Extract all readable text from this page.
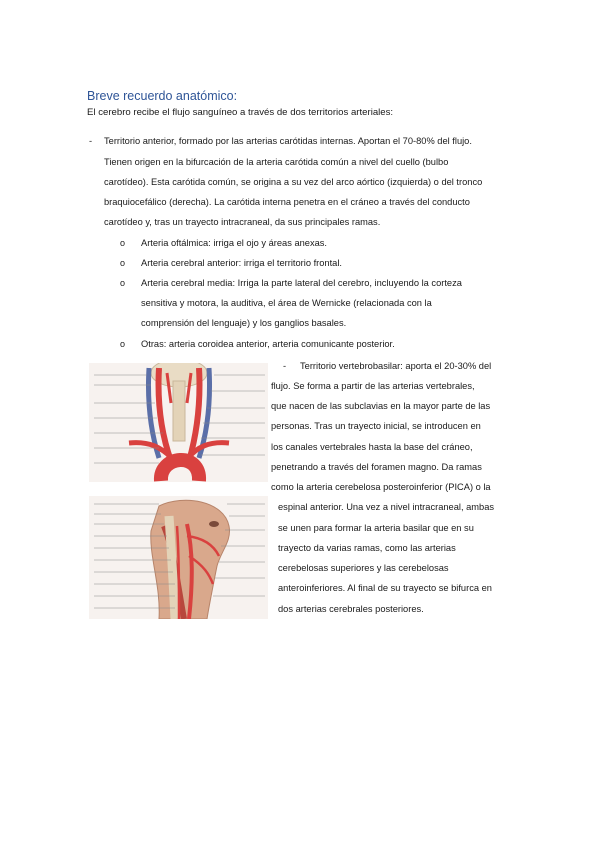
Breve recuerdo anatómico:
El cerebro recibe el flujo sanguíneo a través de dos territorios arteriales:
- Territorio anterior, formado por las arterias carótidas internas. Aportan el 70-80% del flujo.
Tienen origen en la bifurcación de la arteria carótida común a nivel del cuello (bulbo
carotídeo). Esta carótida común, se origina a su vez del arco aórtico (izquierda) o del tronco
braquiocefálico (derecha). La carótida interna penetra en el cráneo a través del conducto
carotídeo y, tras un trayecto intracraneal, da sus principales ramas.
o Arteria oftálmica: irriga el ojo y áreas anexas.
o Arteria cerebral anterior: irriga el territorio frontal.
o Arteria cerebral media: Irriga la parte lateral del cerebro, incluyendo la corteza
sensitiva y motora, la auditiva, el área de Wernicke (relacionada con la
comprensión del lenguaje) y los ganglios basales.
o Otras: arteria coroidea anterior, arteria comunicante posterior.
- Territorio vertebrobasilar: aporta el 20-30% del
flujo. Se forma a partir de las arterias vertebrales,
que nacen de las subclavias en la mayor parte de las
personas. Tras un trayecto inicial, se introducen en
los canales vertebrales hasta la base del cráneo,
penetrando a través del foramen magno. Da ramas
como la arteria cerebelosa posteroinferior (PICA) o la
espinal anterior. Una vez a nivel intracraneal, ambas
se unen para formar la arteria basilar que en su
trayecto da varias ramas, como las arterias
cerebelosas superiores y las cerebelosas
anteroinferiores. Al final de su trayecto se bifurca en
dos arterias cerebrales posteriores.
